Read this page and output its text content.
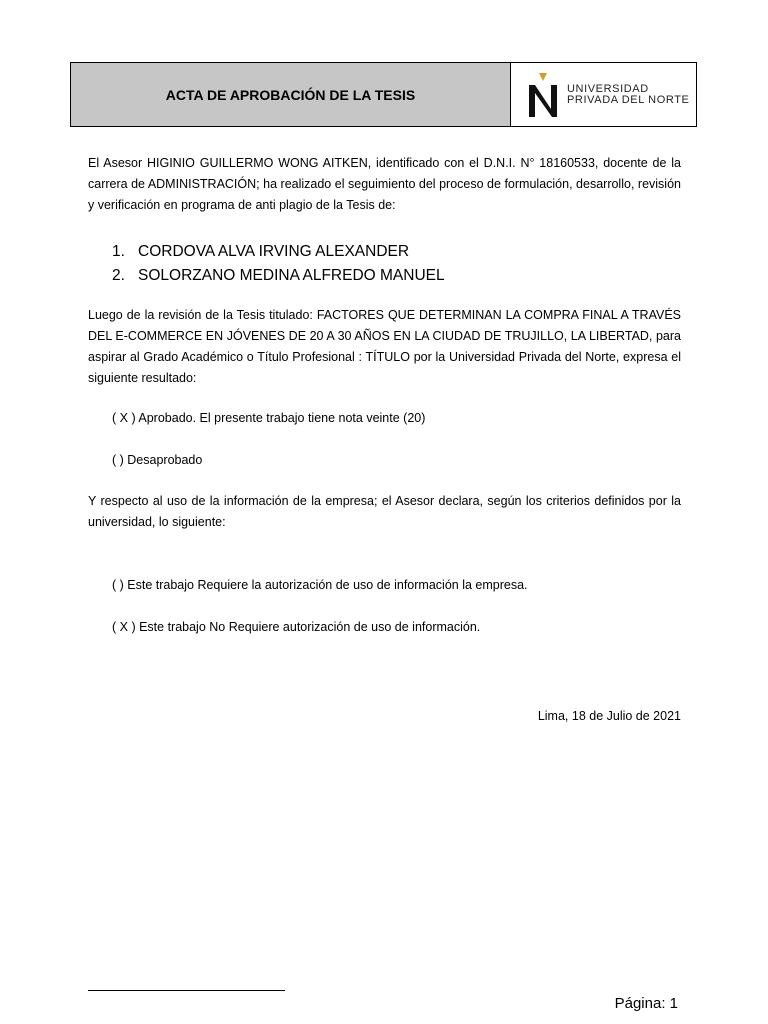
ACTA DE APROBACIÓN DE LA TESIS	UNIVERSIDAD
PRIVADA DEL NORTE

El Asesor HIGINIO GUILLERMO WONG AITKEN, identificado con el D.N.I. N° 18160533, docente de la carrera de ADMINISTRACIÓN; ha realizado el seguimiento del proceso de formulación, desarrollo, revisión y verificación en programa de anti plagio de la Tesis de:

1. CORDOVA ALVA IRVING ALEXANDER
2. SOLORZANO MEDINA ALFREDO MANUEL

Luego de la revisión de la Tesis titulado: FACTORES QUE DETERMINAN LA COMPRA FINAL A TRAVÉS DEL E-COMMERCE EN JÓVENES DE 20 A 30 AÑOS EN LA CIUDAD DE TRUJILLO, LA LIBERTAD, para aspirar al Grado Académico o Título Profesional : TÍTULO por la Universidad Privada del Norte, expresa el siguiente resultado:

( X ) Aprobado. El presente trabajo tiene nota veinte (20)
( ) Desaprobado

Y respecto al uso de la información de la empresa; el Asesor declara, según los criterios definidos por la universidad, lo siguiente:

( ) Este trabajo Requiere la autorización de uso de información la empresa.
( X ) Este trabajo No Requiere autorización de uso de información.
Lima, 18 de Julio de 2021
Página: 1
